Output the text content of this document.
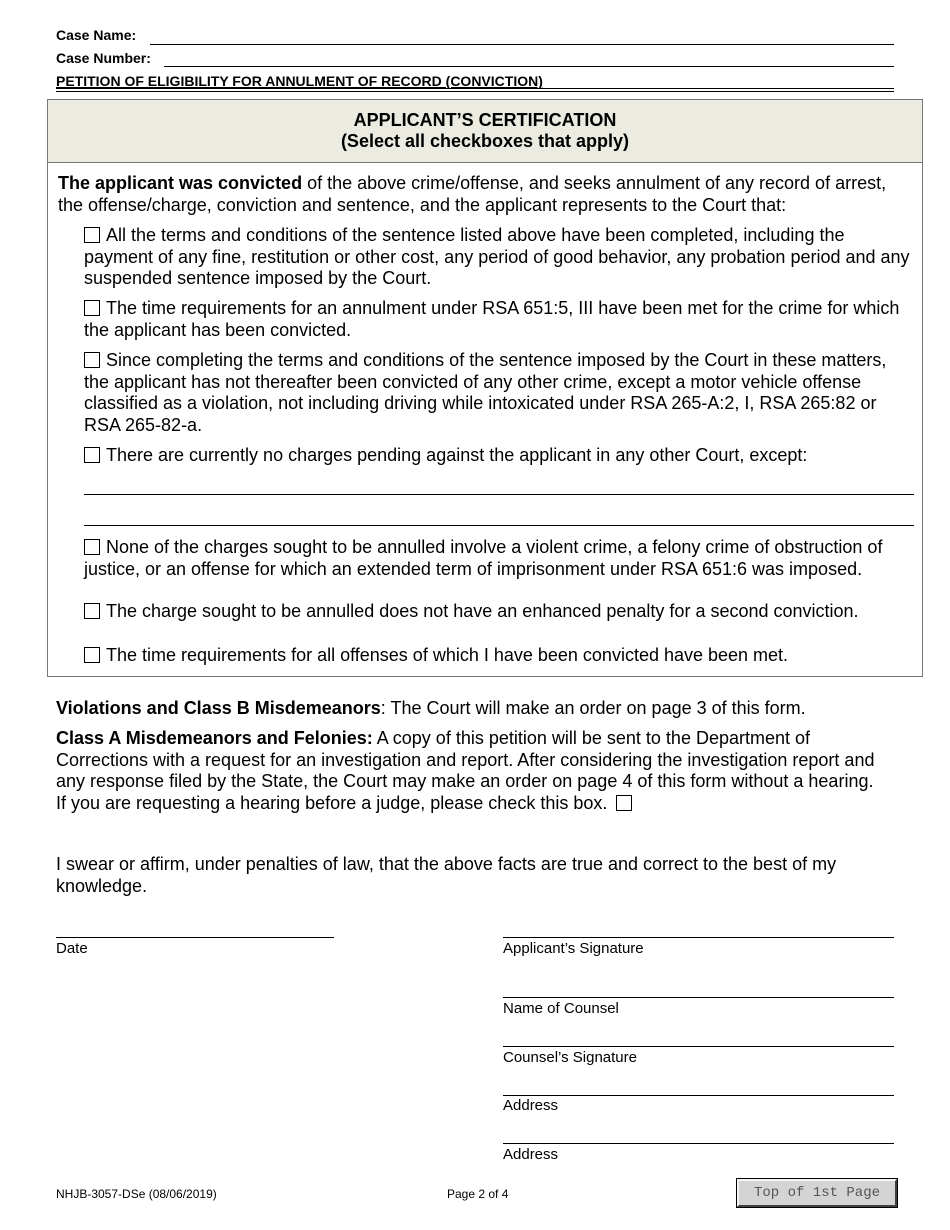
Case Name:
Case Number:
PETITION OF ELIGIBILITY FOR ANNULMENT OF RECORD (CONVICTION)
APPLICANT’S CERTIFICATION
(Select all checkboxes that apply)
The applicant was convicted of the above crime/offense, and seeks annulment of any record of arrest, the offense/charge, conviction and sentence, and the applicant represents to the Court that:
All the terms and conditions of the sentence listed above have been completed, including the payment of any fine, restitution or other cost, any period of good behavior, any probation period and any suspended sentence imposed by the Court.
The time requirements for an annulment under RSA 651:5, III have been met for the crime for which the applicant has been convicted.
Since completing the terms and conditions of the sentence imposed by the Court in these matters, the applicant has not thereafter been convicted of any other crime, except a motor vehicle offense classified as a violation, not including driving while intoxicated under RSA 265-A:2, I, RSA 265:82 or RSA 265-82-a.
There are currently no charges pending against the applicant in any other Court, except:
None of the charges sought to be annulled involve a violent crime, a felony crime of obstruction of justice, or an offense for which an extended term of imprisonment under RSA 651:6 was imposed.
The charge sought to be annulled does not have an enhanced penalty for a second conviction.
The time requirements for all offenses of which I have been convicted have been met.
Violations and Class B Misdemeanors: The Court will make an order on page 3 of this form.
Class A Misdemeanors and Felonies: A copy of this petition will be sent to the Department of Corrections with a request for an investigation and report. After considering the investigation report and any response filed by the State, the Court may make an order on page 4 of this form without a hearing. If you are requesting a hearing before a judge, please check this box.
I swear or affirm, under penalties of law, that the above facts are true and correct to the best of my knowledge.
Date	Applicant’s Signature
Name of Counsel
Counsel’s Signature
Address
Address
NHJB-3057-DSe (08/06/2019)	Page 2 of 4	Top of 1st Page
